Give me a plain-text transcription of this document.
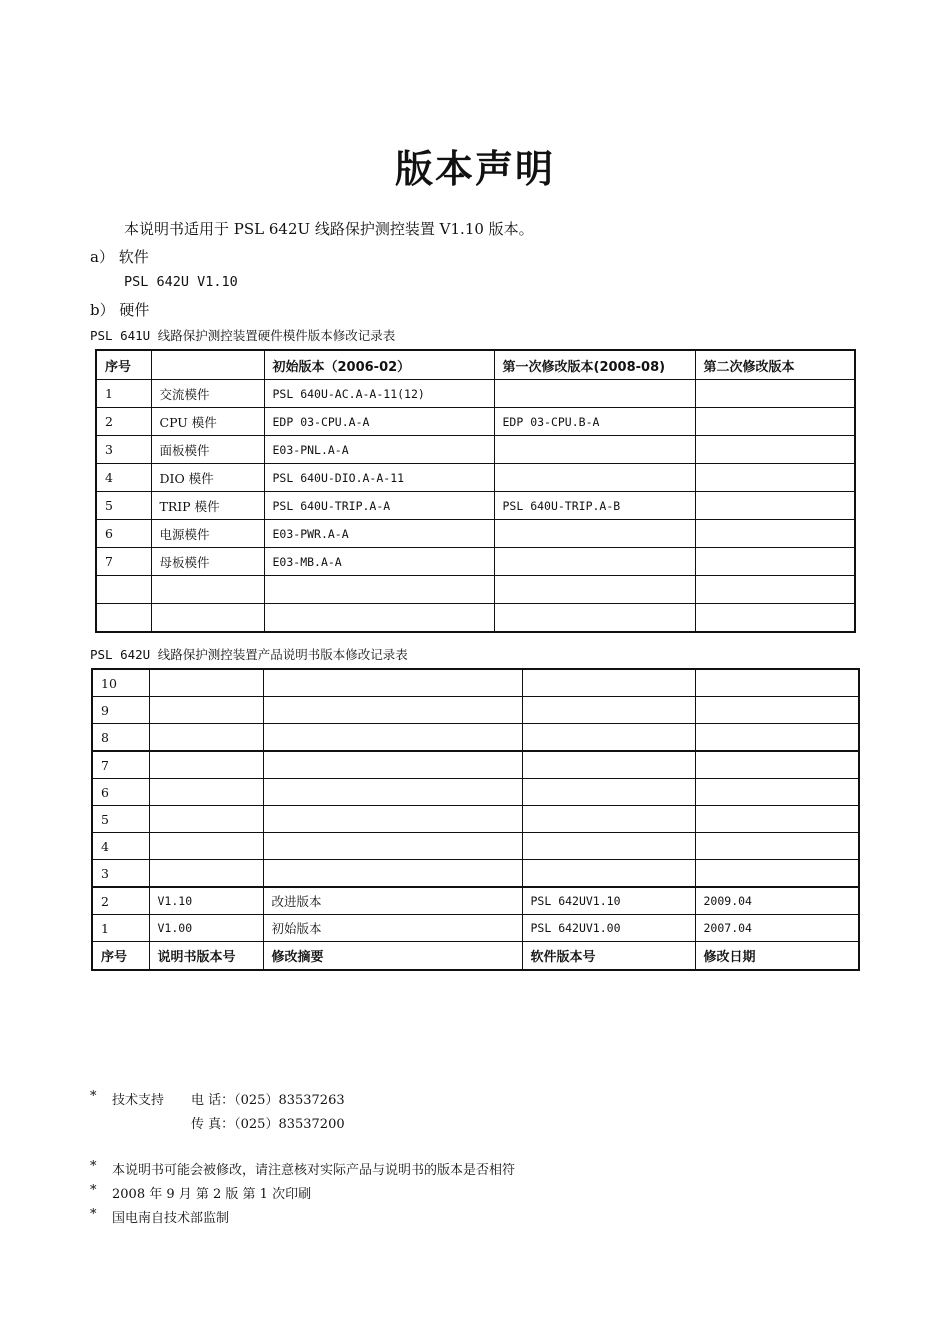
版本声明
本说明书适用于 PSL 642U 线路保护测控装置 V1.10 版本。
a） 软件
PSL 642U V1.10
b） 硬件
PSL 641U 线路保护测控装置硬件模件版本修改记录表
序号		初始版本（2006-02）	第一次修改版本(2008-08)	第二次修改版本
1	交流模件	PSL 640U-AC.A-A-11(12)		
2	CPU 模件	EDP 03-CPU.A-A	EDP 03-CPU.B-A	
3	面板模件	E03-PNL.A-A		
4	DIO 模件	PSL 640U-DIO.A-A-11		
5	TRIP 模件	PSL 640U-TRIP.A-A	PSL 640U-TRIP.A-B	
6	电源模件	E03-PWR.A-A		
7	母板模件	E03-MB.A-A		

PSL 642U 线路保护测控装置产品说明书版本修改记录表
10				
9				
8				
7				
6				
5				
4				
3				
2	V1.10	改进版本	PSL 642UV1.10	2009.04
1	V1.00	初始版本	PSL 642UV1.00	2007.04
序号	说明书版本号	修改摘要	软件版本号	修改日期
* 技术支持 电 话：（025）83537263
传 真：（025）83537200
* 本说明书可能会被修改，请注意核对实际产品与说明书的版本是否相符
* 2008 年 9 月 第 2 版 第 1 次印刷
* 国电南自技术部监制
